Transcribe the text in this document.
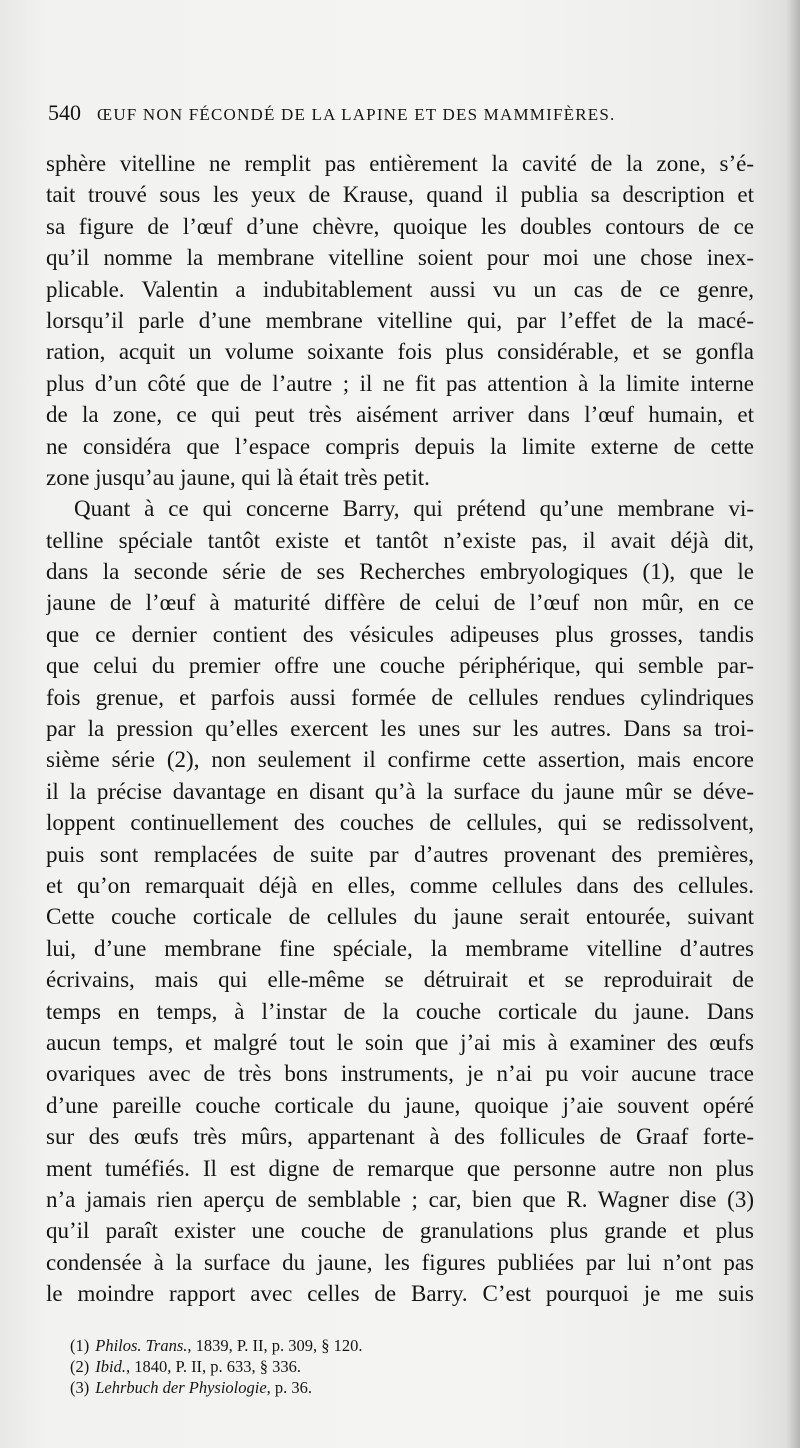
540 ŒUF NON FÉCONDÉ DE LA LAPINE ET DES MAMMIFÈRES.
sphère vitelline ne remplit pas entièrement la cavité de la zone, s’é-
tait trouvé sous les yeux de Krause, quand il publia sa description et
sa figure de l’œuf d’une chèvre, quoique les doubles contours de ce
qu’il nomme la membrane vitelline soient pour moi une chose inex-
plicable. Valentin a indubitablement aussi vu un cas de ce genre,
lorsqu’il parle d’une membrane vitelline qui, par l’effet de la macé-
ration, acquit un volume soixante fois plus considérable, et se gonfla
plus d’un côté que de l’autre ; il ne fit pas attention à la limite interne
de la zone, ce qui peut très aisément arriver dans l’œuf humain, et
ne considéra que l’espace compris depuis la limite externe de cette
zone jusqu’au jaune, qui là était très petit.
Quant à ce qui concerne Barry, qui prétend qu’une membrane vi-
telline spéciale tantôt existe et tantôt n’existe pas, il avait déjà dit,
dans la seconde série de ses Recherches embryologiques (1), que le
jaune de l’œuf à maturité diffère de celui de l’œuf non mûr, en ce
que ce dernier contient des vésicules adipeuses plus grosses, tandis
que celui du premier offre une couche périphérique, qui semble par-
fois grenue, et parfois aussi formée de cellules rendues cylindriques
par la pression qu’elles exercent les unes sur les autres. Dans sa troi-
sième série (2), non seulement il confirme cette assertion, mais encore
il la précise davantage en disant qu’à la surface du jaune mûr se déve-
loppent continuellement des couches de cellules, qui se redissolvent,
puis sont remplacées de suite par d’autres provenant des premières,
et qu’on remarquait déjà en elles, comme cellules dans des cellules.
Cette couche corticale de cellules du jaune serait entourée, suivant
lui, d’une membrane fine spéciale, la membrame vitelline d’autres
écrivains, mais qui elle-même se détruirait et se reproduirait de
temps en temps, à l’instar de la couche corticale du jaune. Dans
aucun temps, et malgré tout le soin que j’ai mis à examiner des œufs
ovariques avec de très bons instruments, je n’ai pu voir aucune trace
d’une pareille couche corticale du jaune, quoique j’aie souvent opéré
sur des œufs très mûrs, appartenant à des follicules de Graaf forte-
ment tuméfiés. Il est digne de remarque que personne autre non plus
n’a jamais rien aperçu de semblable ; car, bien que R. Wagner dise (3)
qu’il paraît exister une couche de granulations plus grande et plus
condensée à la surface du jaune, les figures publiées par lui n’ont pas
le moindre rapport avec celles de Barry. C’est pourquoi je me suis
(1) Philos. Trans., 1839, P. II, p. 309, § 120.
(2) Ibid., 1840, P. II, p. 633, § 336.
(3) Lehrbuch der Physiologie, p. 36.
